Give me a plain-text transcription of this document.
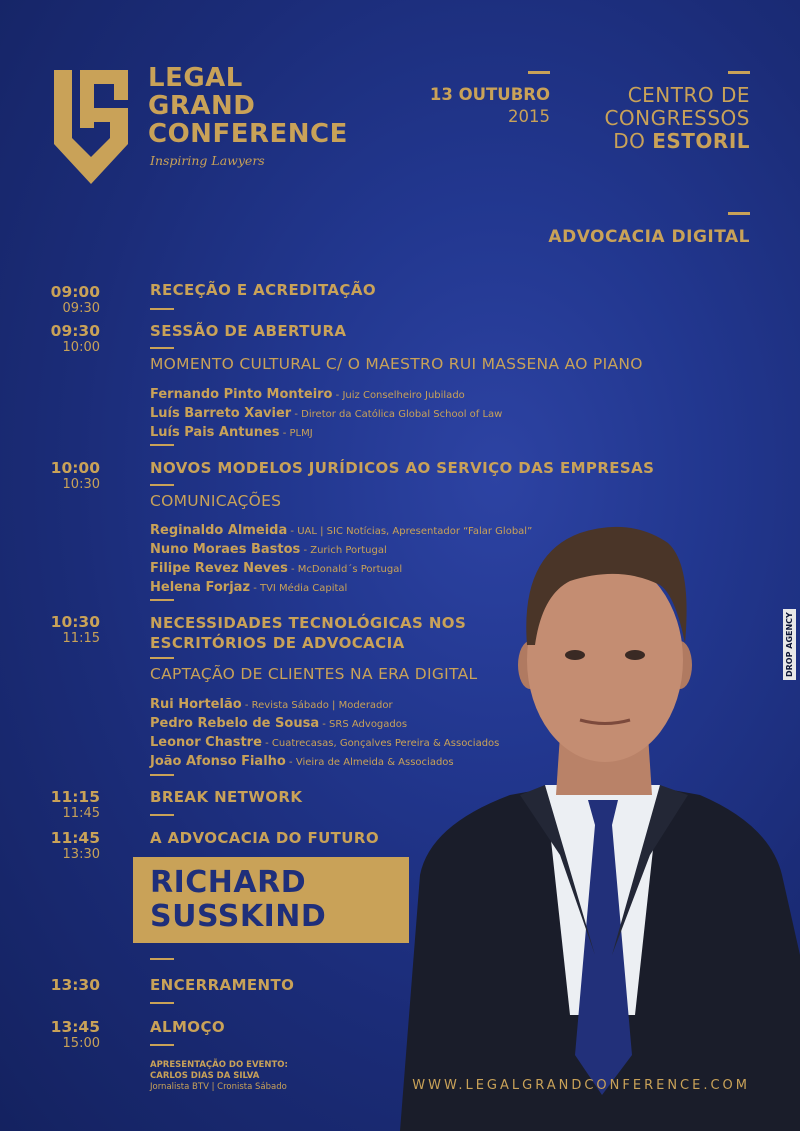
LEGAL
GRAND
CONFERENCE
Inspiring Lawyers
13 OUTUBRO
2015
CENTRO DE
CONGRESSOS
DO ESTORIL
ADVOCACIA DIGITAL
09:00
09:30
RECEÇÃO E ACREDITAÇÃO
09:30
10:00
SESSÃO DE ABERTURA
MOMENTO CULTURAL C/ O MAESTRO RUI MASSENA AO PIANO
Fernando Pinto Monteiro - Juiz Conselheiro Jubilado
Luís Barreto Xavier - Diretor da Católica Global School of Law
Luís Pais Antunes - PLMJ
10:00
10:30
NOVOS MODELOS JURÍDICOS AO SERVIÇO DAS EMPRESAS
COMUNICAÇÕES
Reginaldo Almeida - UAL | SIC Notícias, Apresentador “Falar Global”
Nuno Moraes Bastos - Zurich Portugal
Filipe Revez Neves - McDonald´s Portugal
Helena Forjaz - TVI Média Capital
10:30
11:15
NECESSIDADES TECNOLÓGICAS NOS
ESCRITÓRIOS DE ADVOCACIA
CAPTAÇÃO DE CLIENTES NA ERA DIGITAL
Rui Hortelão - Revista Sábado | Moderador
Pedro Rebelo de Sousa - SRS Advogados
Leonor Chastre - Cuatrecasas, Gonçalves Pereira & Associados
João Afonso Fialho - Vieira de Almeida & Associados
11:15
11:45
BREAK NETWORK
11:45
13:30
A ADVOCACIA DO FUTURO
RICHARD
SUSSKIND
13:30	ENCERRAMENTO
13:45
15:00
ALMOÇO
APRESENTAÇÃO DO EVENTO:
CARLOS DIAS DA SILVA
Jornalista BTV | Cronista Sábado	WWW.LEGALGRANDCONFERENCE.COM
DROP AGENCY
